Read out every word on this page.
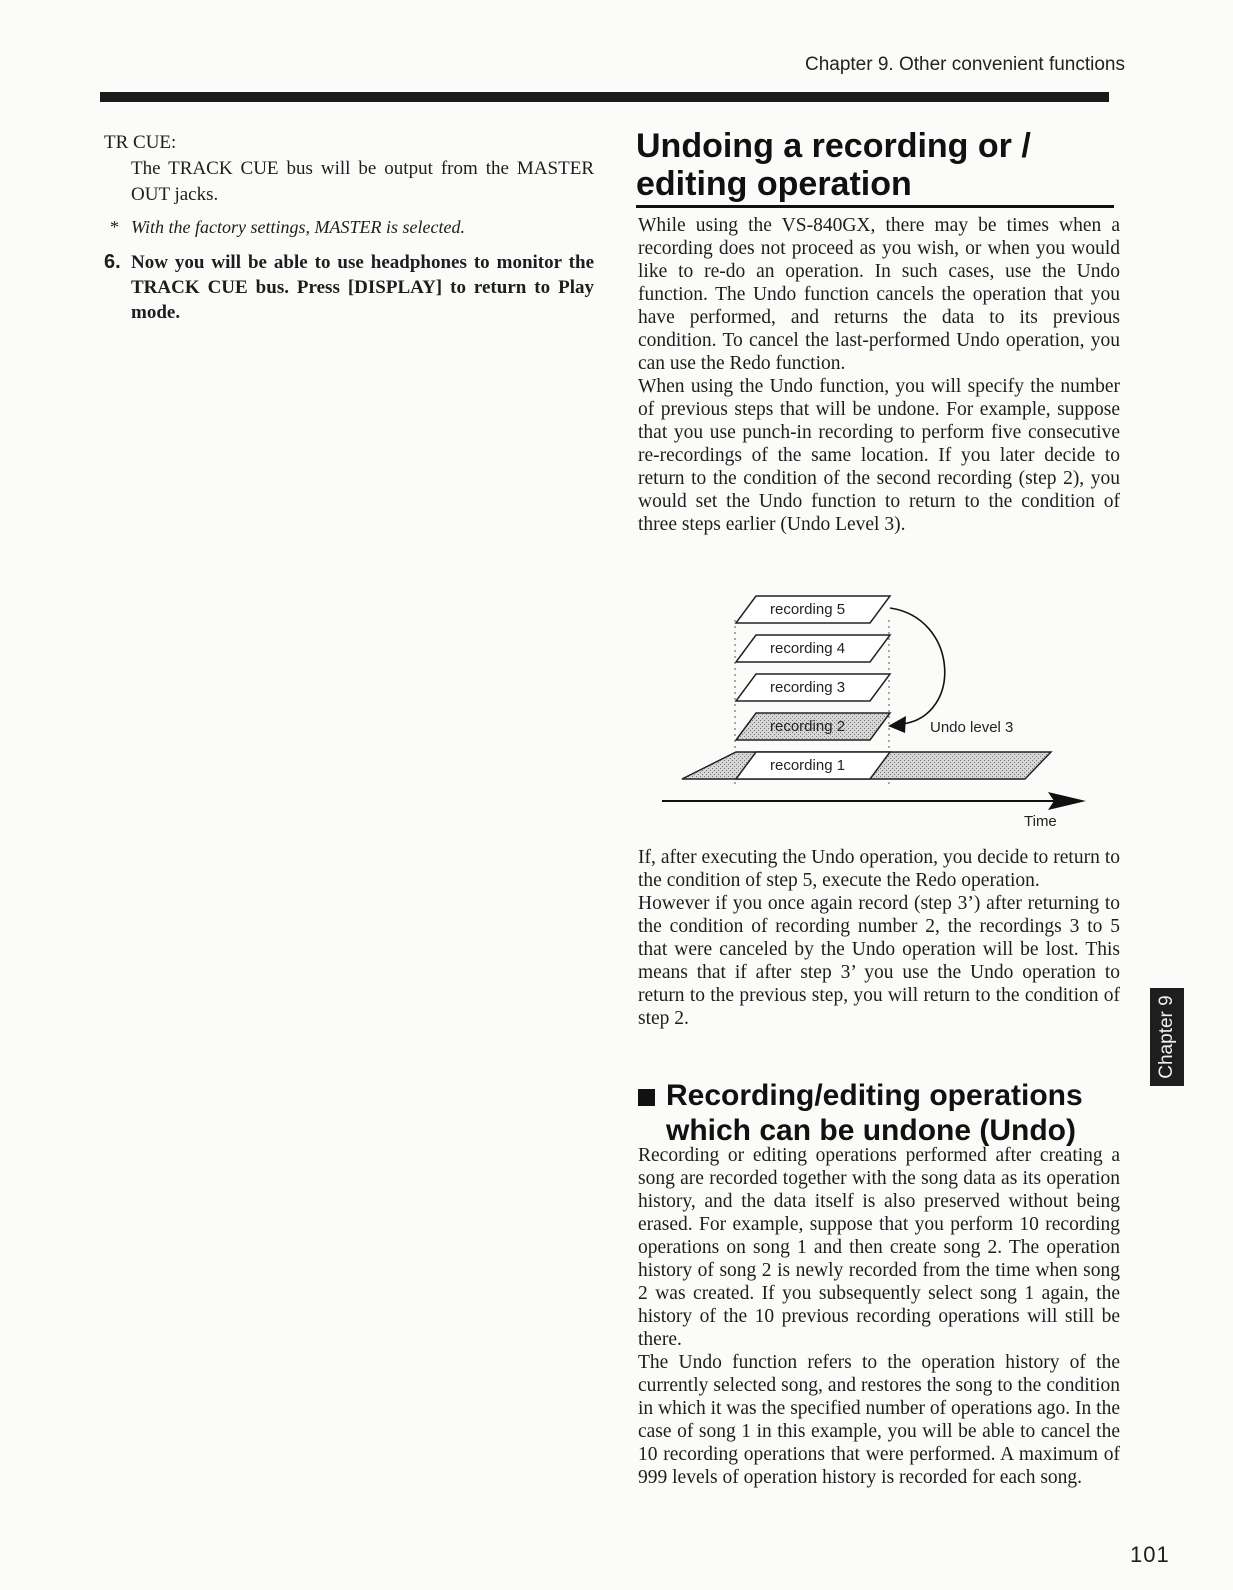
Chapter 9. Other convenient functions

TR CUE:

The TRACK CUE bus will be output from the MASTER OUT jacks.

* With the factory settings, MASTER is selected.

6. Now you will be able to use headphones to monitor the TRACK CUE bus. Press [DISPLAY] to return to Play mode.

Undoing a recording or / editing operation

While using the VS-840GX, there may be times when a recording does not proceed as you wish, or when you would like to re-do an operation. In such cases, use the Undo function. The Undo function cancels the operation that you have performed, and returns the data to its previous condition. To cancel the last-performed Undo operation, you can use the Redo function.

When using the Undo function, you will specify the number of previous steps that will be undone. For example, suppose that you use punch-in recording to perform five consecutive re-recordings of the same location. If you later decide to return to the condition of the second recording (step 2), you would set the Undo function to return to the condition of three steps earlier (Undo Level 3).

recording 5
recording 4
recording 3
recording 2
recording 1
Undo level 3
Time

If, after executing the Undo operation, you decide to return to the condition of step 5, execute the Redo operation.

However if you once again record (step 3’) after returning to the condition of recording number 2, the recordings 3 to 5 that were canceled by the Undo operation will be lost. This means that if after step 3’ you use the Undo operation to return to the previous step, you will return to the condition of step 2.

Recording/editing operations which can be undone (Undo)

Recording or editing operations performed after creating a song are recorded together with the song data as its operation history, and the data itself is also preserved without being erased. For example, suppose that you perform 10 recording operations on song 1 and then create song 2. The operation history of song 2 is newly recorded from the time when song 2 was created. If you subsequently select song 1 again, the history of the 10 previous recording operations will still be there.

The Undo function refers to the operation history of the currently selected song, and restores the song to the condition in which it was the specified number of operations ago. In the case of song 1 in this example, you will be able to cancel the 10 recording operations that were performed. A maximum of 999 levels of operation history is recorded for each song.

Chapter 9
101
